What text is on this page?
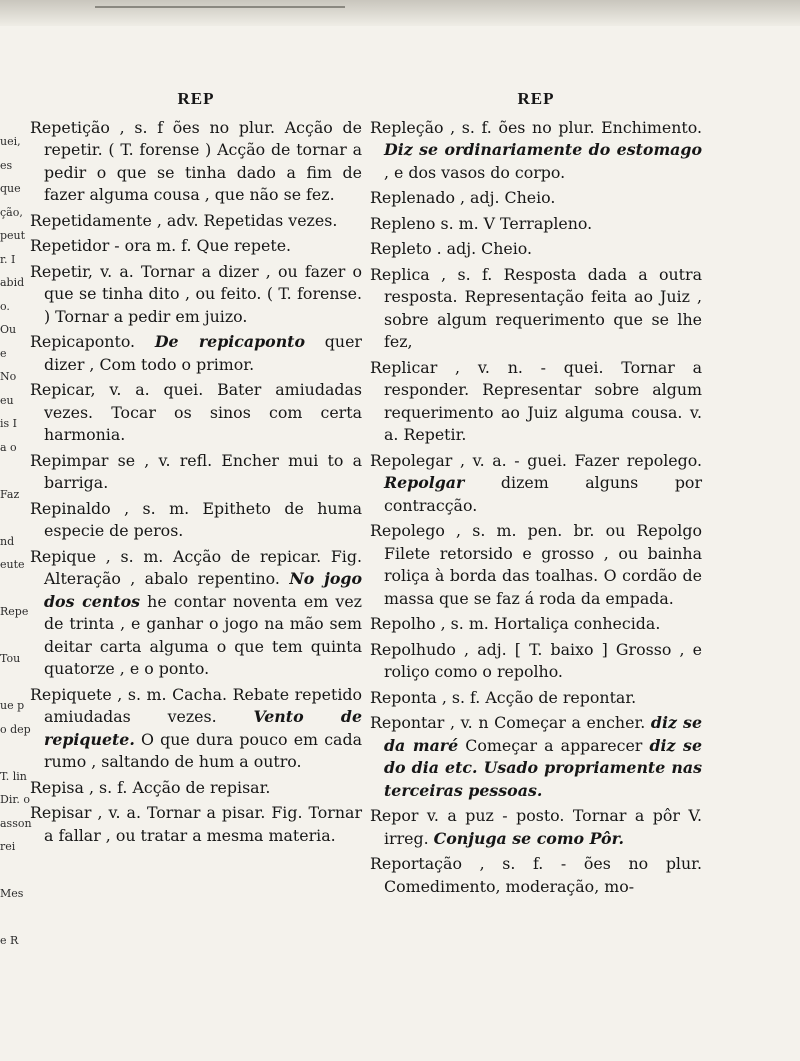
uei,
es
que
ção,
peut
r. I
abid
o.
Ou
e
No
eu
is I
a o

Faz

nd
eute

Repe

Tou

ue p
o dep

T. lin
Dir. o
asson
rei

Mes

e R
REP
Repetição , s. f ões no plur. Acção de repetir. ( T. forense ) Acção de tornar a pedir o que se tinha dado a fim de fazer alguma cousa , que não se fez.
Repetidamente , adv. Repetidas vezes.
Repetidor - ora m. f. Que repete.
Repetir, v. a. Tornar a dizer , ou fazer o que se tinha dito , ou feito. ( T. forense. ) Tornar a pedir em juizo.
Repicaponto. De repicaponto quer dizer , Com todo o primor.
Repicar, v. a. quei. Bater amiudadas vezes. Tocar os sinos com certa harmonia.
Repimpar se , v. refl. Encher mui to a barriga.
Repinaldo , s. m. Epitheto de huma especie de peros.
Repique , s. m. Acção de repicar. Fig. Alteração , abalo repentino. No jogo dos centos he contar noventa em vez de trinta , e ganhar o jogo na mão sem deitar carta alguma o que tem quinta quatorze , e o ponto.
Repiquete , s. m. Cacha. Rebate repetido amiudadas vezes. Vento de repiquete. O que dura pouco em cada rumo , saltando de hum a outro.
Repisa , s. f. Acção de repisar.
Repisar , v. a. Tornar a pisar. Fig. Tornar a fallar , ou tratar a mesma materia.
REP
Repleção , s. f. ões no plur. Enchimento. Diz se ordinariamente do estomago , e dos vasos do corpo.
Replenado , adj. Cheio.
Repleno s. m. V Terrapleno.
Repleto . adj. Cheio.
Replica , s. f. Resposta dada a outra resposta. Representação feita ao Juiz , sobre algum requerimento que se lhe fez,
Replicar , v. n. - quei. Tornar a responder. Representar sobre algum requerimento ao Juiz alguma cousa. v. a. Repetir.
Repolegar , v. a. - guei. Fazer repolego. Repolgar dizem alguns por contracção.
Repolego , s. m. pen. br. ou Repolgo Filete retorsido e grosso , ou bainha roliça à borda das toalhas. O cordão de massa que se faz á roda da empada.
Repolho , s. m. Hortaliça conhecida.
Repolhudo , adj. [ T. baixo ] Grosso , e roliço como o repolho.
Reponta , s. f. Acção de repontar.
Repontar , v. n Começar a encher. diz se da maré Começar a apparecer diz se do dia etc. Usado propriamente nas terceiras pessoas.
Repor v. a puz - posto. Tornar a pôr V. irreg. Conjuga se como Pôr.
Reportação , s. f. - ões no plur. Comedimento, moderação, mo-
